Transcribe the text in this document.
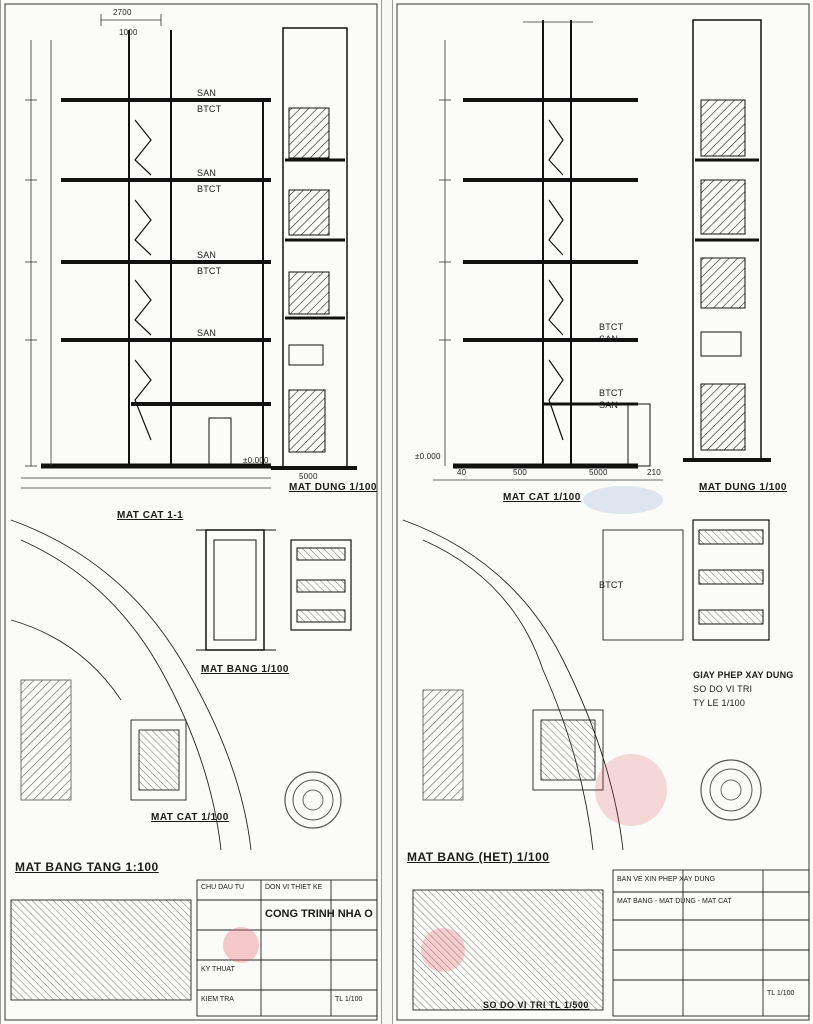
MAT BANG TANG 1:100
MAT DUNG 1/100
MAT BANG 1/100
MAT CAT 1/100
MAT CAT 1-1
2700
1000
5000
±0.000
SAN
SAN
SAN
SAN
BTCT
BTCT
BTCT
CHU DAU TU	DON VI THIET KE
CONG TRINH NHA O
KY THUAT
KIEM TRA	TL 1/100
MAT CAT 1/100
MAT DUNG 1/100
MAT BANG (HET) 1/100
40	500	5000	210
±0.000
BTCT
BTCT
BTCT
SAN
SAN
GIAY PHEP XAY DUNG
SO DO VI TRI
TY LE 1/100
BAN VE XIN PHEP XAY DUNG
MAT BANG - MAT DUNG - MAT CAT
TL 1/100
SO DO VI TRI TL 1/500
